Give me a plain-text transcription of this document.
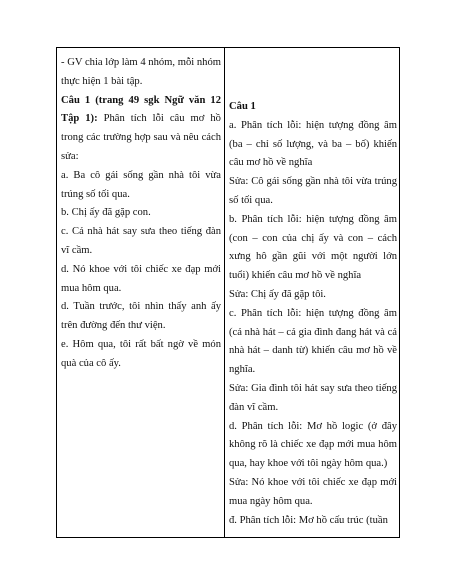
- GV chia lớp làm 4 nhóm, mỗi nhóm thực hiện 1 bài tập.

Câu 1 (trang 49 sgk Ngữ văn 12 Tập 1): Phân tích lỗi câu mơ hồ trong các trường hợp sau và nêu cách sửa:

a. Ba cô gái sống gần nhà tôi vừa trúng số tối qua.

b. Chị ấy đã gặp con.

c. Cả nhà hát say sưa theo tiếng đàn vĩ cầm.

d. Nó khoe với tôi chiếc xe đạp mới mua hôm qua.

d. Tuần trước, tôi nhìn thấy anh ấy trên đường đến thư viện.

e. Hôm qua, tôi rất bất ngờ về món quà của cô ấy.

Câu 1

a. Phân tích lỗi: hiện tượng đồng âm (ba – chỉ số lượng, và ba – bố) khiến câu mơ hồ về nghĩa

Sửa: Cô gái sống gần nhà tôi vừa trúng số tối qua.

b. Phân tích lỗi: hiện tượng đồng âm (con – con của chị ấy và con – cách xưng hô gần gũi với một người lớn tuổi) khiến câu mơ hồ về nghĩa

Sửa: Chị ấy đã gặp tôi.

c. Phân tích lỗi: hiện tượng đồng âm (cả nhà hát – cả gia đình đang hát và cả nhà hát – danh từ) khiến câu mơ hồ về nghĩa.

Sửa: Gia đình tôi hát say sưa theo tiếng đàn vĩ cầm.

d. Phân tích lỗi: Mơ hồ logic (ở đây không rõ là chiếc xe đạp mới mua hôm qua, hay khoe với tôi ngày hôm qua.)

Sửa: Nó khoe với tôi chiếc xe đạp mới mua ngày hôm qua.

đ. Phân tích lỗi: Mơ hồ cấu trúc (tuần
